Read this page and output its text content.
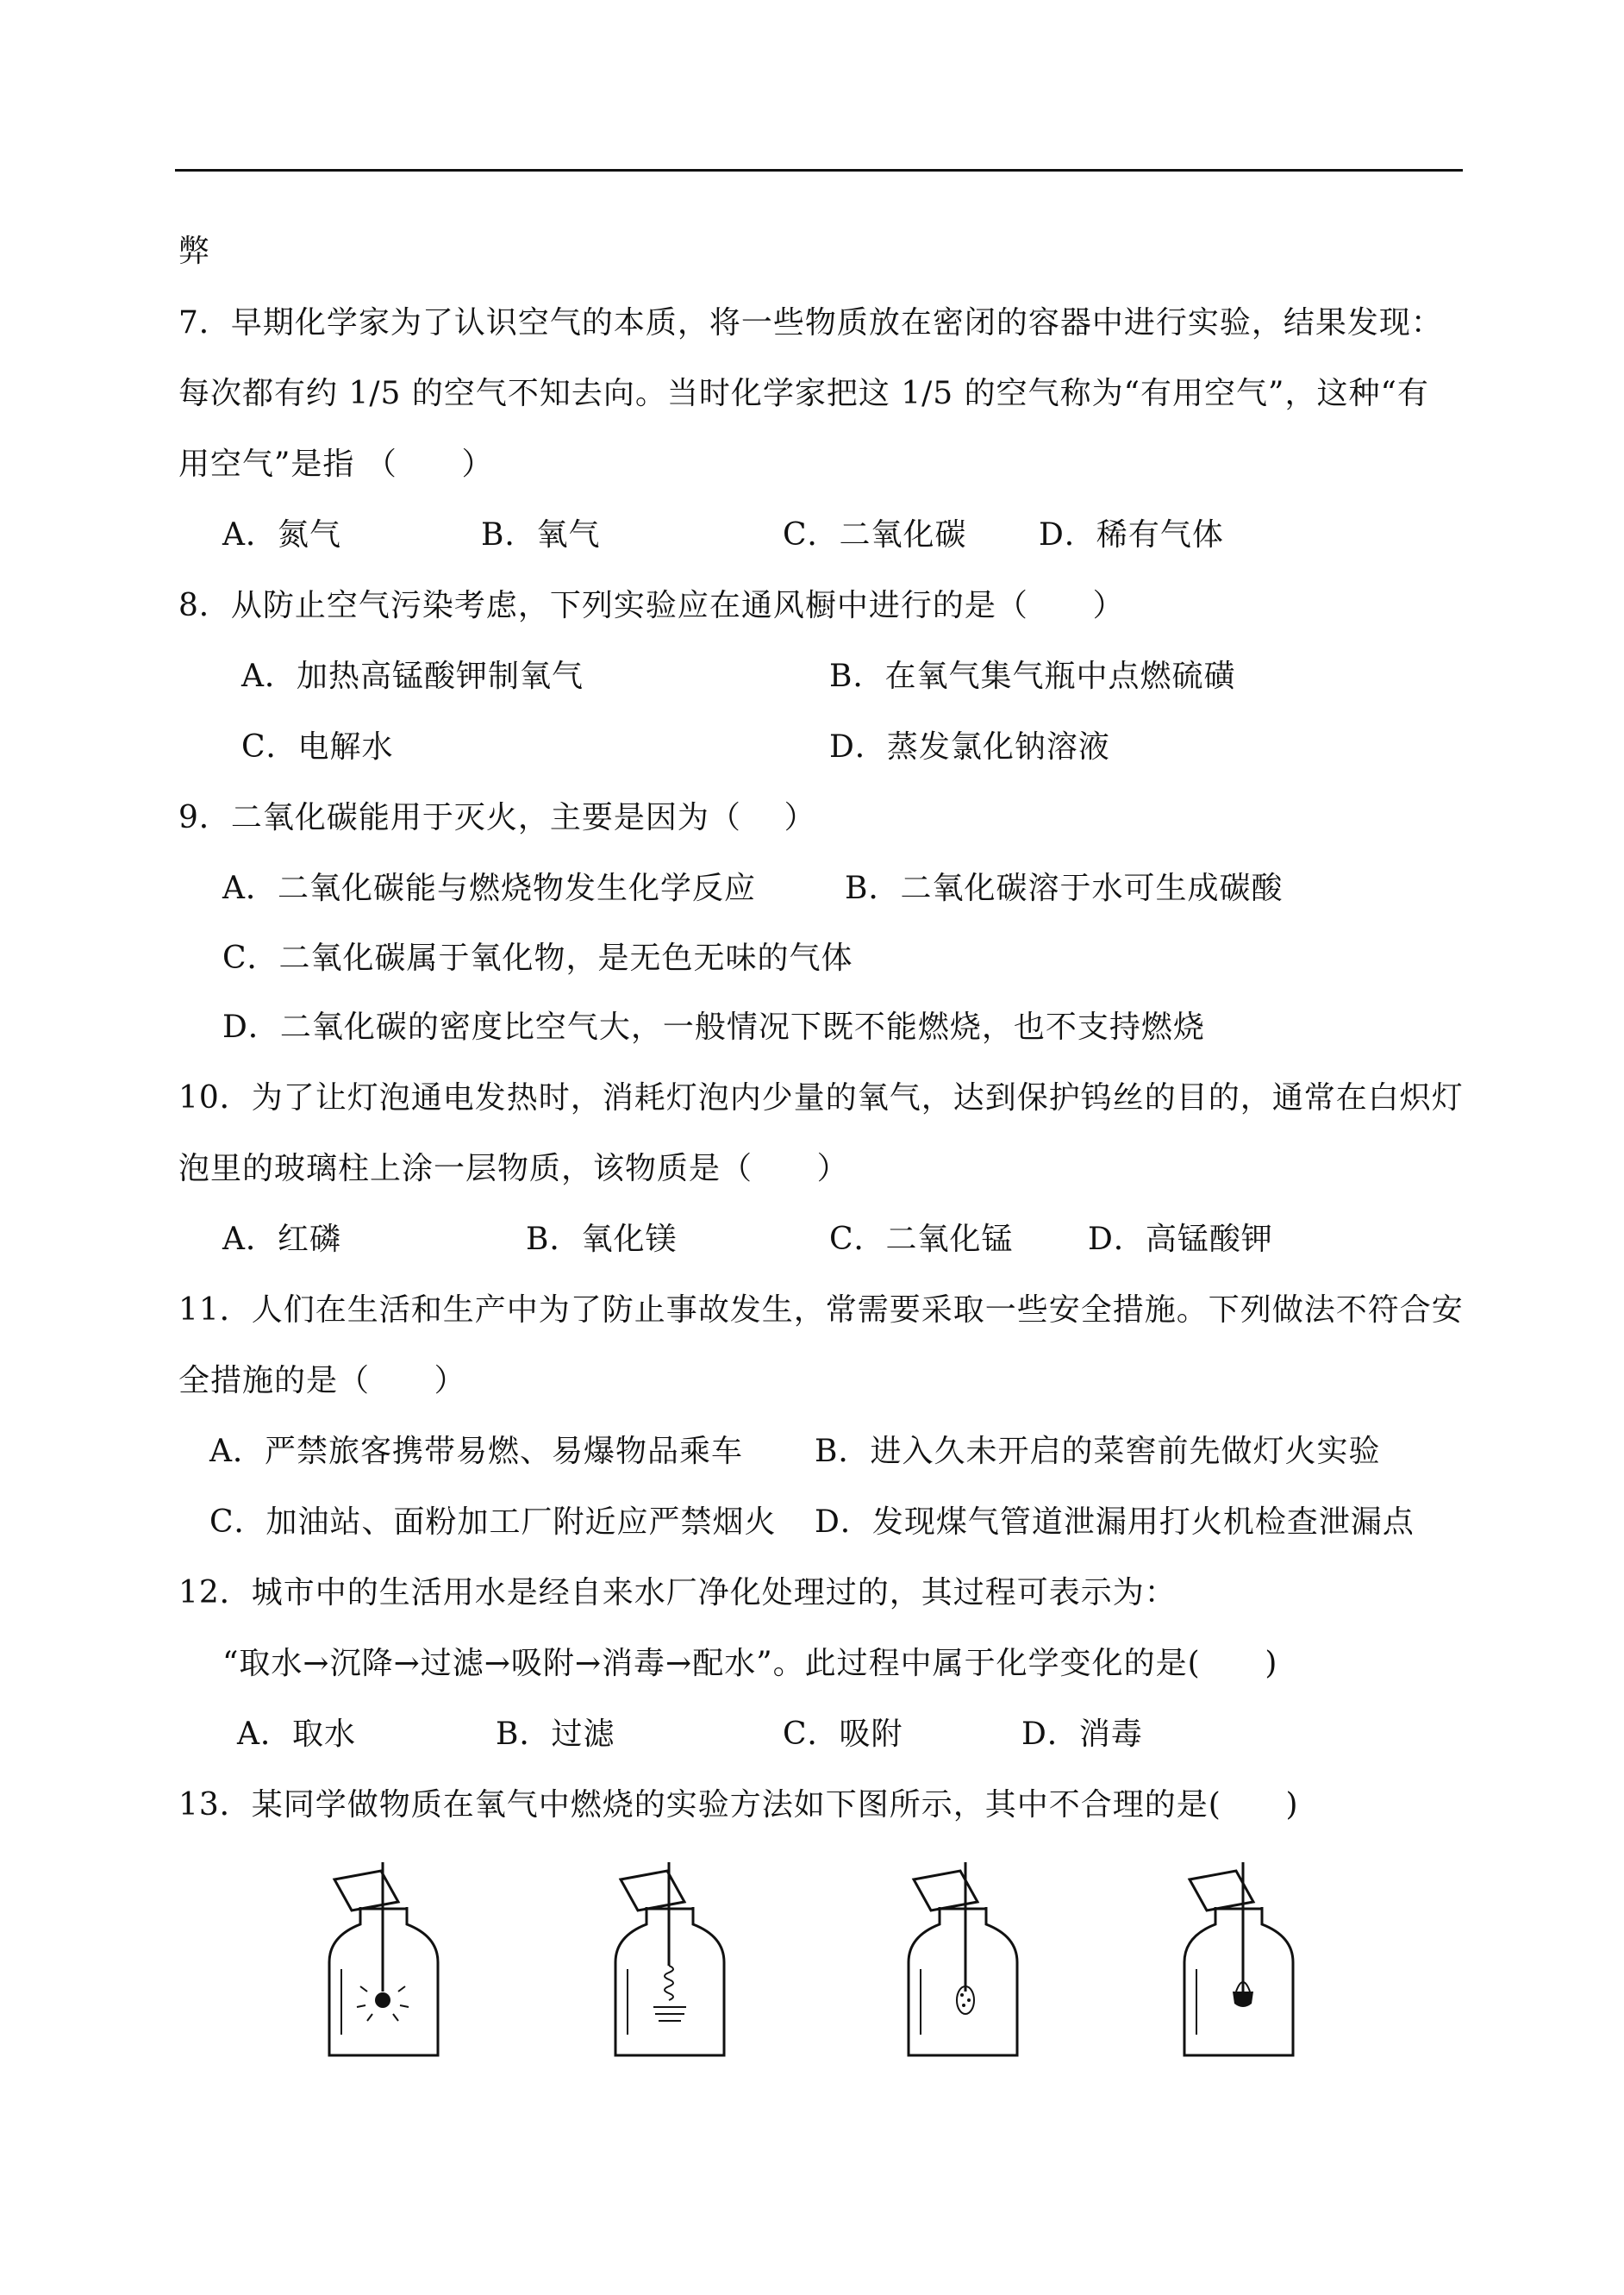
弊
7．早期化学家为了认识空气的本质，将一些物质放在密闭的容器中进行实验，结果发现：
每次都有约 1/5 的空气不知去向。当时化学家把这 1/5 的空气称为“有用空气”，这种“有
用空气”是指 （      ）
A．氮气	B．氧气	C．二氧化碳 D．稀有气体
8．从防止空气污染考虑，下列实验应在通风橱中进行的是（      ）
A．加热高锰酸钾制氧气	B．在氧气集气瓶中点燃硫磺
C．电解水	D．蒸发氯化钠溶液
9．二氧化碳能用于灭火，主要是因为（    ）
A．二氧化碳能与燃烧物发生化学反应	B．二氧化碳溶于水可生成碳酸
C．二氧化碳属于氧化物，是无色无味的气体
D．二氧化碳的密度比空气大，一般情况下既不能燃烧，也不支持燃烧
10．为了让灯泡通电发热时，消耗灯泡内少量的氧气，达到保护钨丝的目的，通常在白炽灯
泡里的玻璃柱上涂一层物质，该物质是（      ）
A．红磷	B．氧化镁	C．二氧化锰 D．高锰酸钾
11．人们在生活和生产中为了防止事故发生，常需要采取一些安全措施。下列做法不符合安
全措施的是（      ）
A．严禁旅客携带易燃、易爆物品乘车 B．进入久未开启的菜窖前先做灯火实验
C．加油站、面粉加工厂附近应严禁烟火 D．发现煤气管道泄漏用打火机检查泄漏点
12．城市中的生活用水是经自来水厂净化处理过的，其过程可表示为：
“取水→沉降→过滤→吸附→消毒→配水”。此过程中属于化学变化的是(      )
A．取水	B．过滤	C．吸附	D．消毒
13．某同学做物质在氧气中燃烧的实验方法如下图所示，其中不合理的是(      )
